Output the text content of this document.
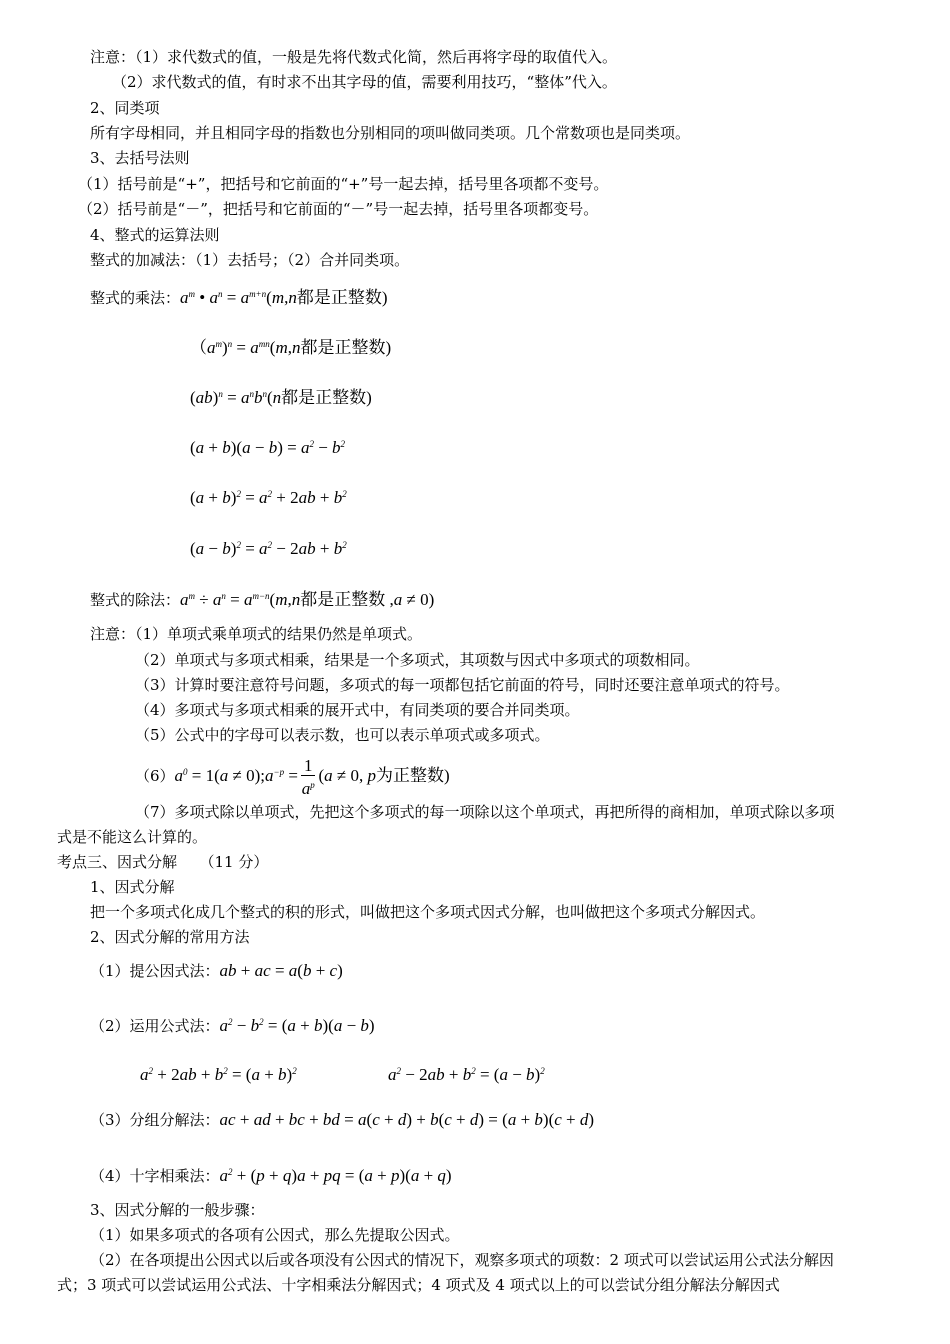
注意：（1）求代数式的值，一般是先将代数式化简，然后再将字母的取值代入。
（2）求代数式的值，有时求不出其字母的值，需要利用技巧，“整体”代入。
2、同类项
所有字母相同，并且相同字母的指数也分别相同的项叫做同类项。几个常数项也是同类项。
3、去括号法则
（1）括号前是“+”，把括号和它前面的“+”号一起去掉，括号里各项都不变号。
（2）括号前是“－”，把括号和它前面的“－”号一起去掉，括号里各项都变号。
4、整式的运算法则
整式的加减法：（1）去括号；（2）合并同类项。
整式的乘法：$a^m$ • $a^n = a^{m+n}(m,n$都是正整数)
$(a^m)^n = a^{mn}(m,n$都是正整数)
$(ab)^n = a^nb^n(n$都是正整数)
$(a + b)(a - b) = a^2 - b^2$
$(a + b)^2 = a^2 + 2ab + b^2$
$(a - b)^2 = a^2 - 2ab + b^2$
整式的除法：$a^m \div a^n = a^{m-n}(m,n$都是正整数 ,a ≠ 0)
注意：（1）单项式乘单项式的结果仍然是单项式。
（2）单项式与多项式相乘，结果是一个多项式，其项数与因式中多项式的项数相同。
（3）计算时要注意符号问题，多项式的每一项都包括它前面的符号，同时还要注意单项式的符号。
（4）多项式与多项式相乘的展开式中，有同类项的要合并同类项。
（5）公式中的字母可以表示数，也可以表示单项式或多项式。
$(6)a^0 = 1(a$ ≠ $0);a^{-p} = \frac{1}{a^p} (a \ne 0$, p为正整数)
（7）多项式除以单项式，先把这个多项式的每一项除以这个单项式，再把所得的商相加，单项式除以多项
式是不能这么计算的。
考点三、因式分解　　（11 分）
1、因式分解
把一个多项式化成几个整式的积的形式，叫做把这个多项式因式分解，也叫做把这个多项式分解因式。
2、因式分解的常用方法
（1）提公因式法：ab + ac = a(b + c)
（2）运用公式法：$a^2 - b^2 = (a + b)(a - b)$
$a^2 + 2ab + b^2 = (a + b)^2$	$a^2 - 2ab + b^2 = (a - b)^2$
（3）分组分解法：ac + ad + bc + bd = a(c + d) + b(c + d) = (a + b)(c + d)
（4）十字相乘法：$a^2 + (p + q)a$ + pq = (a + p)(a + q)
3、因式分解的一般步骤：
（1）如果多项式的各项有公因式，那么先提取公因式。
（2）在各项提出公因式以后或各项没有公因式的情况下，观察多项式的项数：2 项式可以尝试运用公式法分解因
式；3 项式可以尝试运用公式法、十字相乘法分解因式；4 项式及 4 项式以上的可以尝试分组分解法分解因式
